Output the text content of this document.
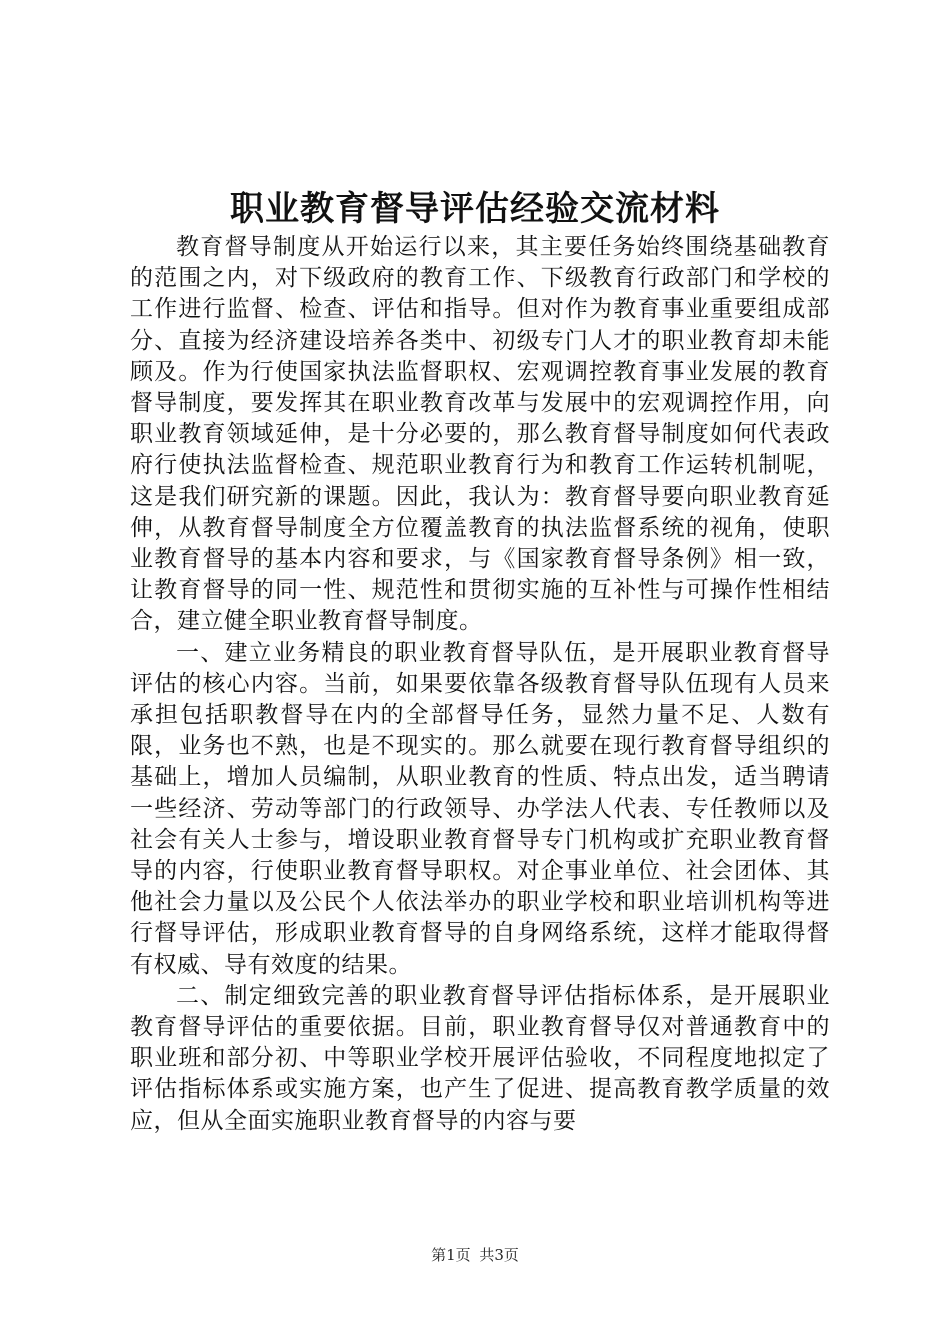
职业教育督导评估经验交流材料

教育督导制度从开始运行以来，其主要任务始终围绕基础教育的范围之内，对下级政府的教育工作、下级教育行政部门和学校的工作进行监督、检查、评估和指导。但对作为教育事业重要组成部分、直接为经济建设培养各类中、初级专门人才的职业教育却未能顾及。作为行使国家执法监督职权、宏观调控教育事业发展的教育督导制度，要发挥其在职业教育改革与发展中的宏观调控作用，向职业教育领域延伸，是十分必要的，那么教育督导制度如何代表政府行使执法监督检查、规范职业教育行为和教育工作运转机制呢，这是我们研究新的课题。因此，我认为：教育督导要向职业教育延伸，从教育督导制度全方位覆盖教育的执法监督系统的视角，使职业教育督导的基本内容和要求，与《国家教育督导条例》相一致，让教育督导的同一性、规范性和贯彻实施的互补性与可操作性相结合，建立健全职业教育督导制度。

一、建立业务精良的职业教育督导队伍，是开展职业教育督导评估的核心内容。当前，如果要依靠各级教育督导队伍现有人员来承担包括职教督导在内的全部督导任务，显然力量不足、人数有限，业务也不熟，也是不现实的。那么就要在现行教育督导组织的基础上，增加人员编制，从职业教育的性质、特点出发，适当聘请一些经济、劳动等部门的行政领导、办学法人代表、专任教师以及社会有关人士参与，增设职业教育督导专门机构或扩充职业教育督导的内容，行使职业教育督导职权。对企事业单位、社会团体、其他社会力量以及公民个人依法举办的职业学校和职业培训机构等进行督导评估，形成职业教育督导的自身网络系统，这样才能取得督有权威、导有效度的结果。

二、制定细致完善的职业教育督导评估指标体系，是开展职业教育督导评估的重要依据。目前，职业教育督导仅对普通教育中的职业班和部分初、中等职业学校开展评估验收，不同程度地拟定了评估指标体系或实施方案，也产生了促进、提高教育教学质量的效应，但从全面实施职业教育督导的内容与要

第1页 共3页
